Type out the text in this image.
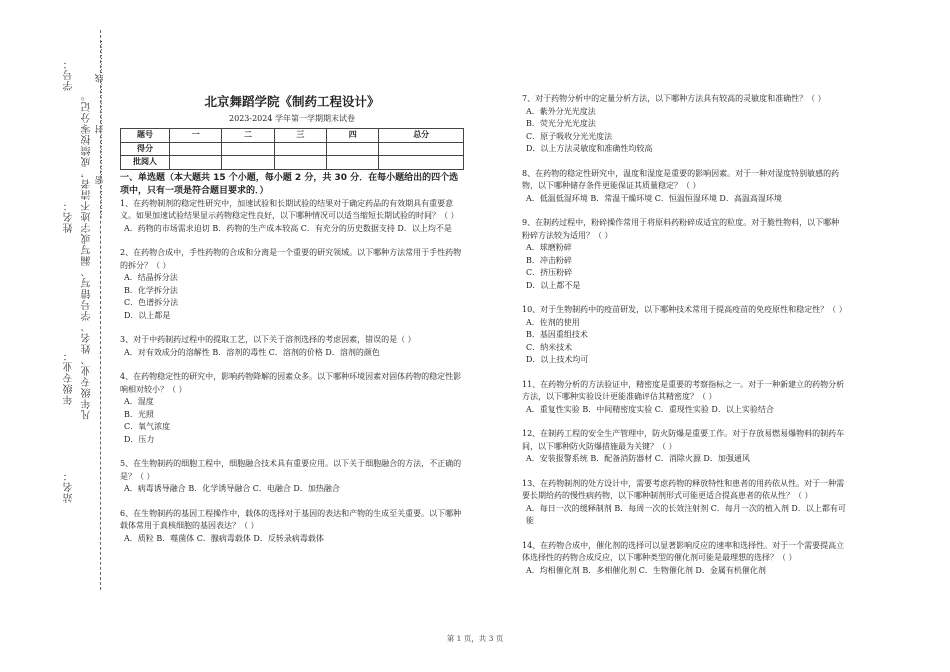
学号：
姓名：
年级专业：
站名：
凡年级专业、姓名、学号错写、漏写或字迹不清者，成绩按零分记。 …………密……………封……………线…………	北京舞蹈学院《制药工程设计》
2023-2024 学年第一学期期末试卷
题号	一	二	三	四	总分
得分					
批阅人					
一、单选题（本大题共 15 个小题，每小题 2 分，共 30 分．在每小题给出的四个选项中，只有一项是符合题目要求的．）
1、在药物制剂的稳定性研究中，加速试验和长期试验的结果对于确定药品的有效期具有重要意义。如果加速试验结果显示药物稳定性良好，以下哪种情况可以适当缩短长期试验的时间？（ ）
A．药物的市场需求迫切 B．药物的生产成本较高 C．有充分的历史数据支持 D．以上均不是
2、在药物合成中，手性药物的合成和分离是一个重要的研究领域。以下哪种方法常用于手性药物的拆分？（ ）
A．结晶拆分法
B．化学拆分法
C．色谱拆分法
D．以上都是
3、对于中药制药过程中的提取工艺，以下关于溶剂选择的考虑因素，错误的是（ ）
A．对有效成分的溶解性 B．溶剂的毒性 C．溶剂的价格 D．溶剂的颜色
4、在药物稳定性的研究中，影响药物降解的因素众多。以下哪种环境因素对固体药物的稳定性影响相对较小？（ ）
A．湿度
B．光照
C．氧气浓度
D．压力
5、在生物制药的细胞工程中，细胞融合技术具有重要应用。以下关于细胞融合的方法，不正确的是？（ ）
A．病毒诱导融合 B．化学诱导融合 C．电融合 D．加热融合
6、在生物制药的基因工程操作中，载体的选择对于基因的表达和产物的生成至关重要。以下哪种载体常用于真核细胞的基因表达？（ ）
A．质粒 B．噬菌体 C．腺病毒载体 D．反转录病毒载体
7、对于药物分析中的定量分析方法，以下哪种方法具有较高的灵敏度和准确性？（ ）
A．紫外分光光度法
B．荧光分光光度法
C．原子吸收分光光度法
D．以上方法灵敏度和准确性均较高
8、在药物的稳定性研究中，温度和湿度是重要的影响因素。对于一种对湿度特别敏感的药物，以下哪种储存条件更能保证其质量稳定？（ ）
A．低温低湿环境 B．常温干燥环境 C．恒温恒湿环境 D．高温高湿环境
9、在制药过程中，粉碎操作常用于将原料药粉碎成适宜的粒度。对于脆性物料，以下哪种粉碎方法较为适用？（ ）
A．球磨粉碎
B．冲击粉碎
C．挤压粉碎
D．以上都不是
10、对于生物制药中的疫苗研发，以下哪种技术常用于提高疫苗的免疫原性和稳定性？（ ）
A．佐剂的使用
B．基因重组技术
C．纳米技术
D．以上技术均可
11、在药物分析的方法验证中，精密度是重要的考察指标之一。对于一种新建立的药物分析方法，以下哪种实验设计更能准确评估其精密度？（ ）
A．重复性实验 B．中间精密度实验 C．重现性实验 D．以上实验结合
12、在制药工程的安全生产管理中，防火防爆是重要工作。对于存放易燃易爆物料的制药车间，以下哪种防火防爆措施最为关键？（ ）
A．安装报警系统 B．配备消防器材 C．消除火源 D．加强通风
13、在药物制剂的处方设计中，需要考虑药物的释放特性和患者的用药依从性。对于一种需要长期给药的慢性病药物，以下哪种制剂形式可能更适合提高患者的依从性？（ ）
A．每日一次的缓释制剂 B．每周一次的长效注射剂 C．每月一次的植入剂 D．以上都有可能
14、在药物合成中，催化剂的选择可以显著影响反应的速率和选择性。对于一个需要提高立体选择性的药物合成反应，以下哪种类型的催化剂可能是最理想的选择？（ ）
A．均相催化剂 B．多相催化剂 C．生物催化剂 D．金属有机催化剂
第 1 页，共 3 页
